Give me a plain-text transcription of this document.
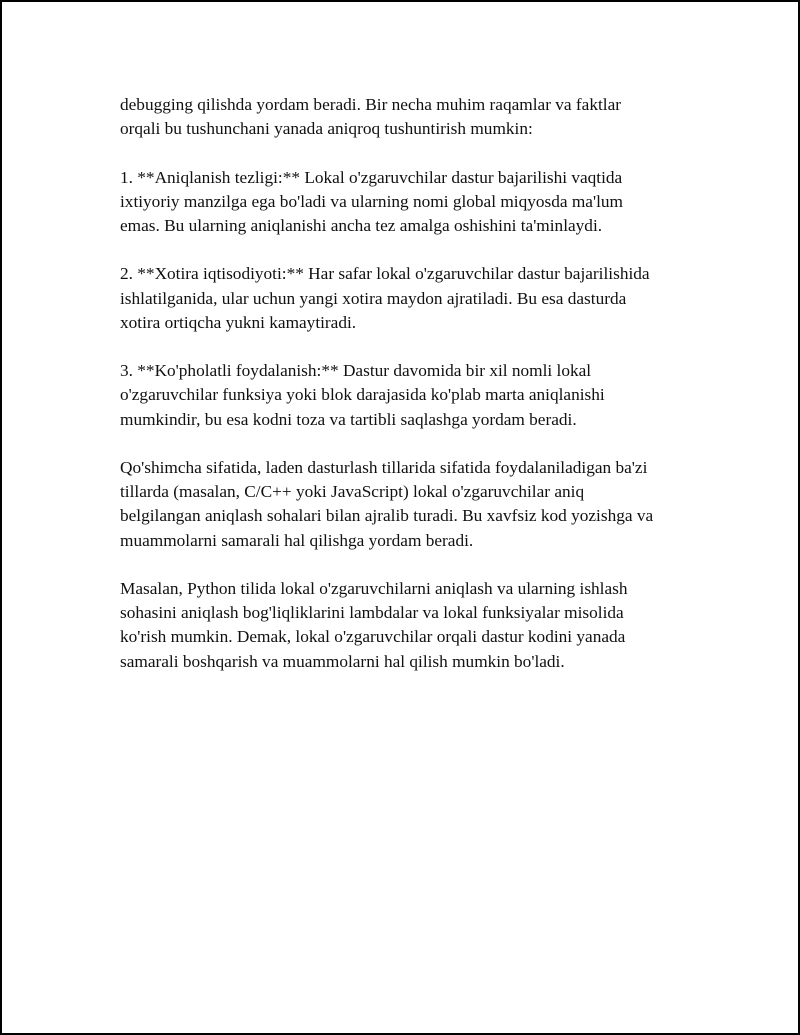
debugging qilishda yordam beradi. Bir necha muhim raqamlar va faktlar
orqali bu tushunchani yanada aniqroq tushuntirish mumkin:

1. **Aniqlanish tezligi:** Lokal o'zgaruvchilar dastur bajarilishi vaqtida
ixtiyoriy manzilga ega bo'ladi va ularning nomi global miqyosda ma'lum
emas. Bu ularning aniqlanishi ancha tez amalga oshishini ta'minlaydi.

2. **Xotira iqtisodiyoti:** Har safar lokal o'zgaruvchilar dastur bajarilishida
ishlatilganida, ular uchun yangi xotira maydon ajratiladi. Bu esa dasturda
xotira ortiqcha yukni kamaytiradi.

3. **Ko'pholatli foydalanish:** Dastur davomida bir xil nomli lokal
o'zgaruvchilar funksiya yoki blok darajasida ko'plab marta aniqlanishi
mumkindir, bu esa kodni toza va tartibli saqlashga yordam beradi.

Qo'shimcha sifatida, laden dasturlash tillarida sifatida foydalaniladigan ba'zi
tillarda (masalan, C/C++ yoki JavaScript) lokal o'zgaruvchilar aniq
belgilangan aniqlash sohalari bilan ajralib turadi. Bu xavfsiz kod yozishga va
muammolarni samarali hal qilishga yordam beradi.

Masalan, Python tilida lokal o'zgaruvchilarni aniqlash va ularning ishlash
sohasini aniqlash bog'liqliklarini lambdalar va lokal funksiyalar misolida
ko'rish mumkin. Demak, lokal o'zgaruvchilar orqali dastur kodini yanada
samarali boshqarish va muammolarni hal qilish mumkin bo'ladi.
